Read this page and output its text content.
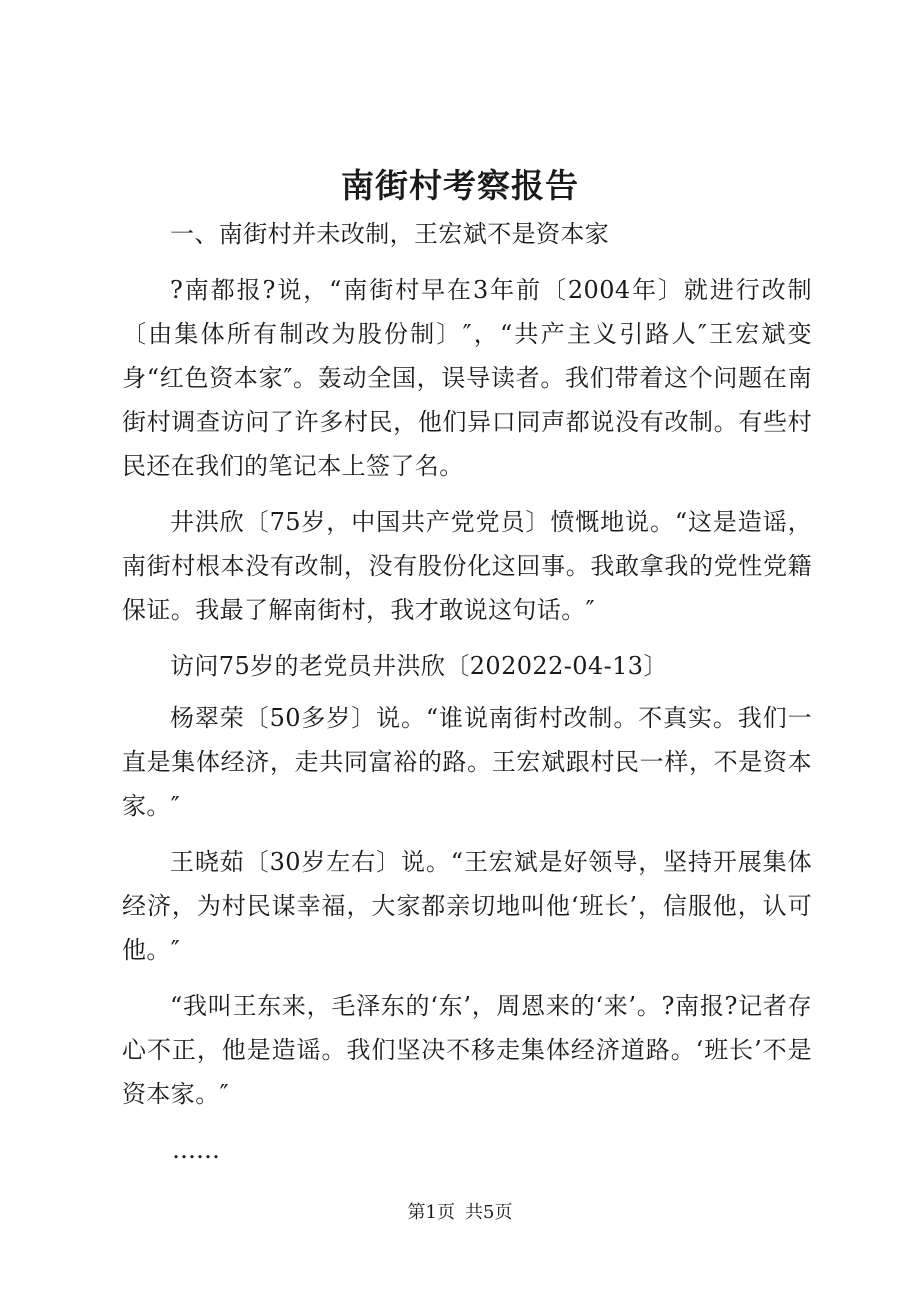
南街村考察报告

一、南街村并未改制，王宏斌不是资本家

?南都报?说，“南街村早在3年前〔2004年〕就进行改制〔由集体所有制改为股份制〕″，“共产主义引路人″王宏斌变身“红色资本家″。轰动全国，误导读者。我们带着这个问题在南街村调查访问了许多村民，他们异口同声都说没有改制。有些村民还在我们的笔记本上签了名。

井洪欣〔75岁，中国共产党党员〕愤慨地说。“这是造谣，南街村根本没有改制，没有股份化这回事。我敢拿我的党性党籍保证。我最了解南街村，我才敢说这句话。″

访问75岁的老党员井洪欣〔202022-04-13〕

杨翠荣〔50多岁〕说。“谁说南街村改制。不真实。我们一直是集体经济，走共同富裕的路。王宏斌跟村民一样，不是资本家。″

王晓茹〔30岁左右〕说。“王宏斌是好领导，坚持开展集体经济，为村民谋幸福，大家都亲切地叫他‘班长’，信服他，认可他。″

“我叫王东来，毛泽东的‘东’，周恩来的‘来’。?南报?记者存心不正，他是造谣。我们坚决不移走集体经济道路。‘班长’不是资本家。″

……

第1页 共5页
